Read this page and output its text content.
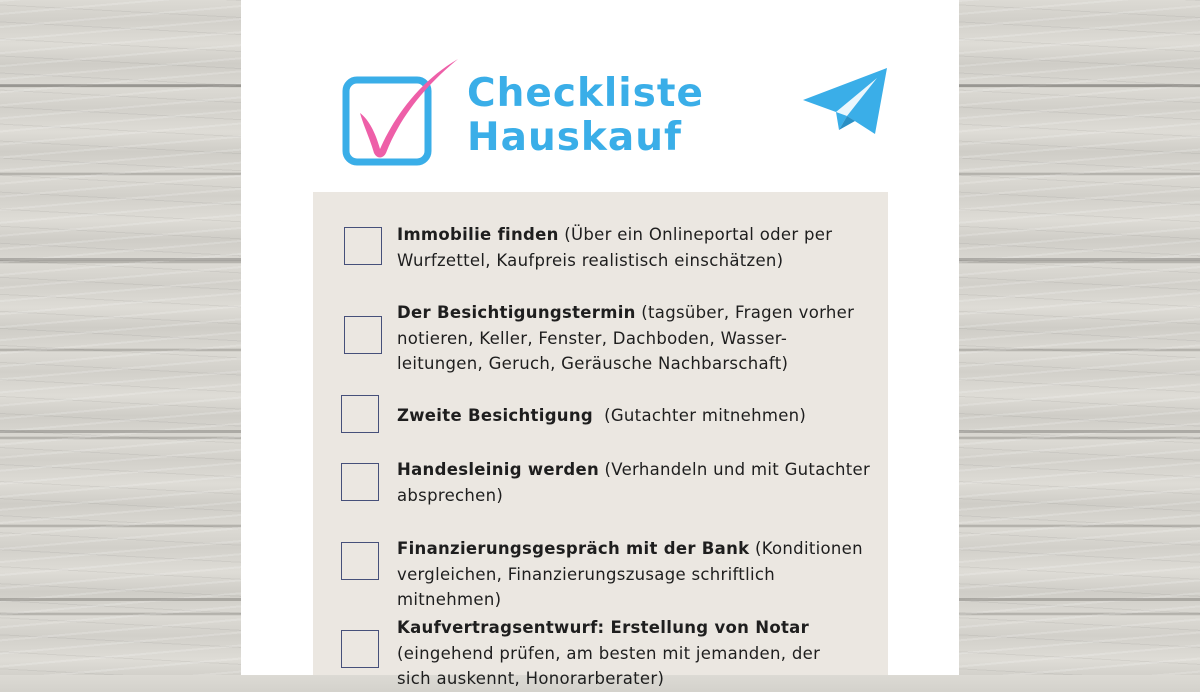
Checkliste
Hauskauf
Immobilie finden (Über ein Onlineportal oder per Wurfzettel, Kaufpreis realistisch einschätzen)
Der Besichtigungstermin (tagsüber, Fragen vorher notieren, Keller, Fenster, Dachboden, Wasser-leitungen, Geruch, Geräusche Nachbarschaft)
Zweite Besichtigung  (Gutachter mitnehmen)
Handesleinig werden (Verhandeln und mit Gutachter absprechen)
Finanzierungsgespräch mit der Bank (Konditionen vergleichen, Finanzierungszusage schriftlich mitnehmen)
Kaufvertragsentwurf: Erstellung von Notar (eingehend prüfen, am besten mit jemanden, der sich auskennt, Honorarberater)
